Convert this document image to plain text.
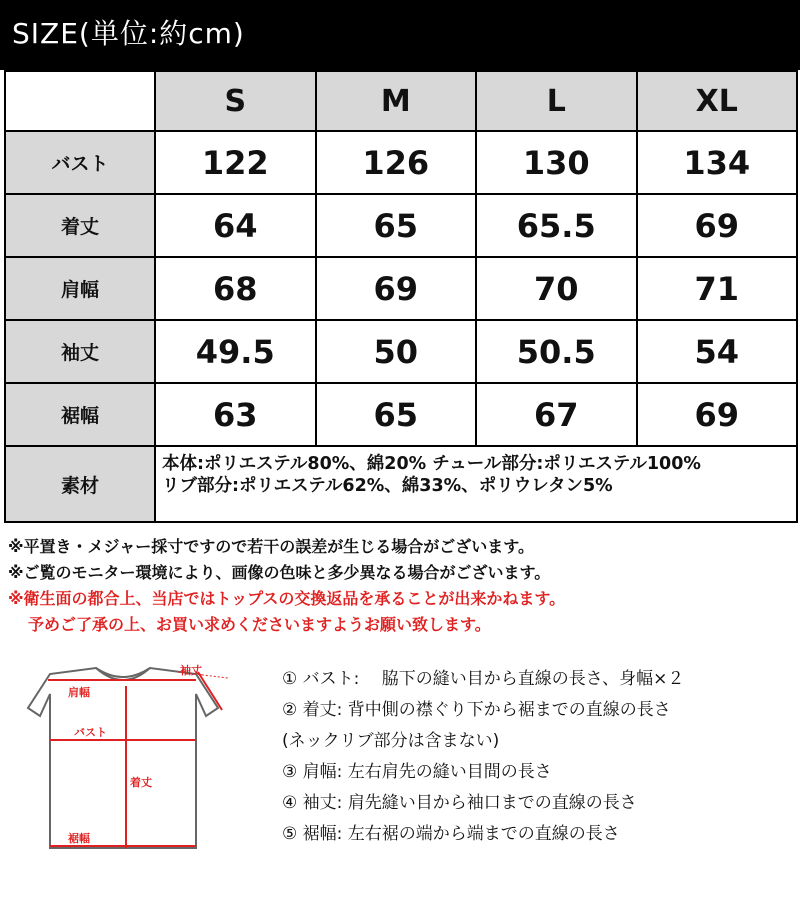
SIZE(単位:約cm)
	S	M	L	XL
バスト	122	126	130	134
着丈	64	65	65.5	69
肩幅	68	69	70	71
袖丈	49.5	50	50.5	54
裾幅	63	65	67	69
素材	本体:ポリエステル80%、綿20% チュール部分:ポリエステル100%
リブ部分:ポリエステル62%、綿33%、ポリウレタン5%			
※平置き・メジャー採寸ですので若干の誤差が生じる場合がございます。
※ご覧のモニター環境により、画像の色味と多少異なる場合がございます。
※衛生面の都合上、当店ではトップスの交換返品を承ることが出来かねます。
予めご了承の上、お買い求めくださいますようお願い致します。
肩幅
袖丈
バスト
着丈
裾幅
① バスト:　 脇下の縫い目から直線の長さ、身幅×２
② 着丈: 背中側の襟ぐり下から裾までの直線の長さ
(ネックリブ部分は含まない)
③ 肩幅: 左右肩先の縫い目間の長さ
④ 袖丈: 肩先縫い目から袖口までの直線の長さ
⑤ 裾幅: 左右裾の端から端までの直線の長さ
